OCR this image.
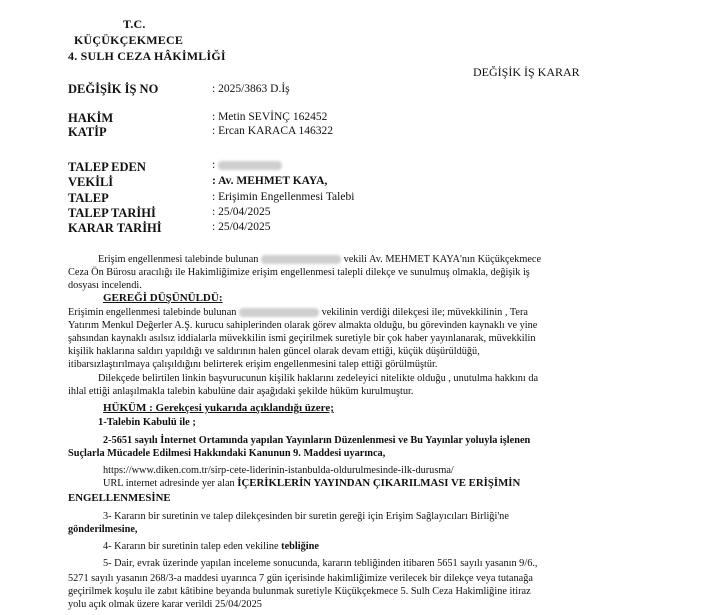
T.C.
KÜÇÜKÇEKMECE
4. SULH CEZA HÂKİMLİĞİ
DEĞİŞİK İŞ KARAR
DEĞİŞİK İŞ NO	: 2025/3863 D.İş
HAKİM	: Metin SEVİNÇ 162452
KATİP	: Ercan KARACA 146322
TALEP EDEN	:
VEKİLİ	: Av. MEHMET KAYA,
TALEP	: Erişimin Engellenmesi Talebi
TALEP TARİHİ	: 25/04/2025
KARAR TARİHİ	: 25/04/2025
Erişim engellenmesi talebinde bulunan	vekili Av. MEHMET KAYA'nın Küçükçekmece
Ceza Ön Bürosu aracılığı ile Hakimliğimize erişim engellenmesi talepli dilekçe ve sunulmuş olmakla, değişik iş
dosyası incelendi.
GEREĞİ DÜŞÜNÜLDÜ:
Erişimin engellenmesi talebinde bulunan	vekilinin verdiği dilekçesi ile; müvekkilinin , Tera
Yatırım Menkul Değerler A.Ş. kurucu sahiplerinden olarak görev almakta olduğu, bu görevinden kaynaklı ve yine
şahsından kaynaklı asılsız iddialarla müvekkilin ismi geçirilmek suretiyle bir çok haber yayınlanarak, müvekkilin
kişilik haklarına saldırı yapıldığı ve saldırının halen güncel olarak devam ettiği, küçük düşürüldüğü,
itibarsızlaştırılmaya çalışıldığını belirterek erişim engellenmesini talep ettiği görülmüştür.
Dilekçede belirtilen linkin başvurucunun kişilik haklarını zedeleyici nitelikte olduğu , unutulma hakkını da
ihlal ettiği anlaşılmakla talebin kabulüne dair aşağıdaki şekilde hüküm kurulmuştur.
HÜKÜM : Gerekçesi yukarıda açıklandığı üzere;
1-Talebin Kabulü ile ;
2-5651 sayılı İnternet Ortamında yapılan Yayınların Düzenlenmesi ve Bu Yayınlar yoluyla işlenen
Suçlarla Mücadele Edilmesi Hakkındaki Kanunun 9. Maddesi uyarınca,
https://www.diken.com.tr/sirp-cete-liderinin-istanbulda-oldurulmesinde-ilk-durusma/
URL internet adresinde yer alan İÇERİKLERİN YAYINDAN ÇIKARILMASI VE ERİŞİMİN
ENGELLENMESİNE
3- Kararın bir suretinin ve talep dilekçesinden bir suretin gereği için Erişim Sağlayıcıları Birliği'ne
gönderilmesine,
4- Kararın bir suretinin talep eden vekiline tebliğine
5- Dair, evrak üzerinde yapılan inceleme sonucunda, kararın tebliğinden itibaren 5651 sayılı yasanın 9/6.,
5271 sayılı yasanın 268/3-a maddesi uyarınca 7 gün içerisinde hakimliğimize verilecek bir dilekçe veya tutanağa
geçirilmek koşulu ile zabıt kâtibine beyanda bulunmak suretiyle Küçükçekmece 5. Sulh Ceza Hakimliğine itiraz
yolu açık olmak üzere karar verildi 25/04/2025
